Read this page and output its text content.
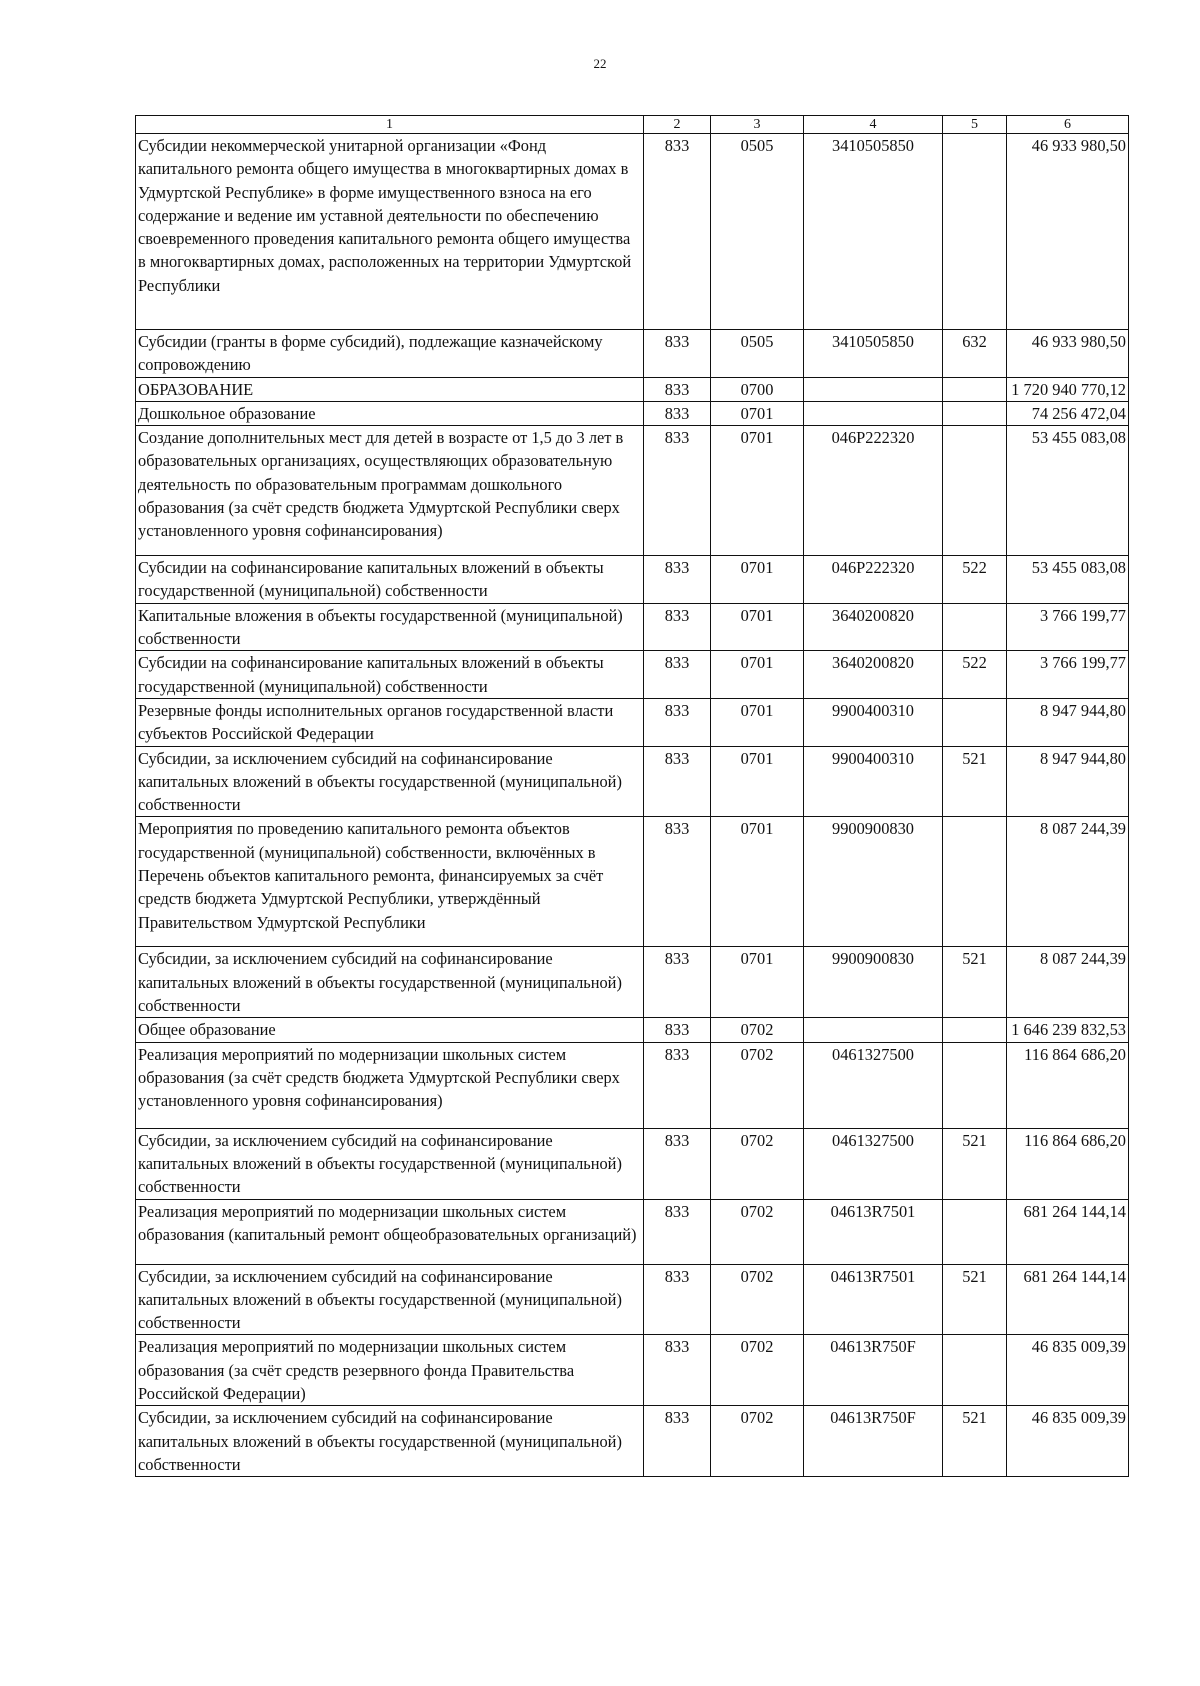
22
1	2	3	4	5	6
Субсидии некоммерческой унитарной организации «Фонд капитального ремонта общего имущества в многоквартирных домах в Удмуртской Республике» в форме имущественного взноса на его содержание и ведение им уставной деятельности по обеспечению своевременного проведения капитального ремонта общего имущества в многоквартирных домах, расположенных на территории Удмуртской Республики	833	0505	3410505850		46 933 980,50
Субсидии (гранты в форме субсидий), подлежащие казначейскому сопровождению	833	0505	3410505850	632	46 933 980,50
ОБРАЗОВАНИЕ	833	0700			1 720 940 770,12
Дошкольное образование	833	0701			74 256 472,04
Создание дополнительных мест для детей в возрасте от 1,5 до 3 лет в образовательных организациях, осуществляющих образовательную деятельность по образовательным программам дошкольного образования (за счёт средств бюджета Удмуртской Республики сверх установленного уровня софинансирования)	833	0701	046P222320		53 455 083,08
Субсидии на софинансирование капитальных вложений в объекты государственной (муниципальной) собственности	833	0701	046P222320	522	53 455 083,08
Капитальные вложения в объекты государственной (муниципальной) собственности	833	0701	3640200820		3 766 199,77
Субсидии на софинансирование капитальных вложений в объекты государственной (муниципальной) собственности	833	0701	3640200820	522	3 766 199,77
Резервные фонды исполнительных органов государственной власти субъектов Российской Федерации	833	0701	9900400310		8 947 944,80
Субсидии, за исключением субсидий на софинансирование капитальных вложений в объекты государственной (муниципальной) собственности	833	0701	9900400310	521	8 947 944,80
Мероприятия по проведению капитального ремонта объектов государственной (муниципальной) собственности, включённых в Перечень объектов капитального ремонта, финансируемых за счёт средств бюджета Удмуртской Республики, утверждённый Правительством Удмуртской Республики	833	0701	9900900830		8 087 244,39
Субсидии, за исключением субсидий на софинансирование капитальных вложений в объекты государственной (муниципальной) собственности	833	0701	9900900830	521	8 087 244,39
Общее образование	833	0702			1 646 239 832,53
Реализация мероприятий по модернизации школьных систем образования (за счёт средств бюджета Удмуртской Республики сверх установленного уровня софинансирования)	833	0702	0461327500		116 864 686,20
Субсидии, за исключением субсидий на софинансирование капитальных вложений в объекты государственной (муниципальной) собственности	833	0702	0461327500	521	116 864 686,20
Реализация мероприятий по модернизации школьных систем образования (капитальный ремонт общеобразовательных организаций)	833	0702	04613R7501		681 264 144,14
Субсидии, за исключением субсидий на софинансирование капитальных вложений в объекты государственной (муниципальной) собственности	833	0702	04613R7501	521	681 264 144,14
Реализация мероприятий по модернизации школьных систем образования (за счёт средств резервного фонда Правительства Российской Федерации)	833	0702	04613R750F		46 835 009,39
Субсидии, за исключением субсидий на софинансирование капитальных вложений в объекты государственной (муниципальной) собственности	833	0702	04613R750F	521	46 835 009,39
